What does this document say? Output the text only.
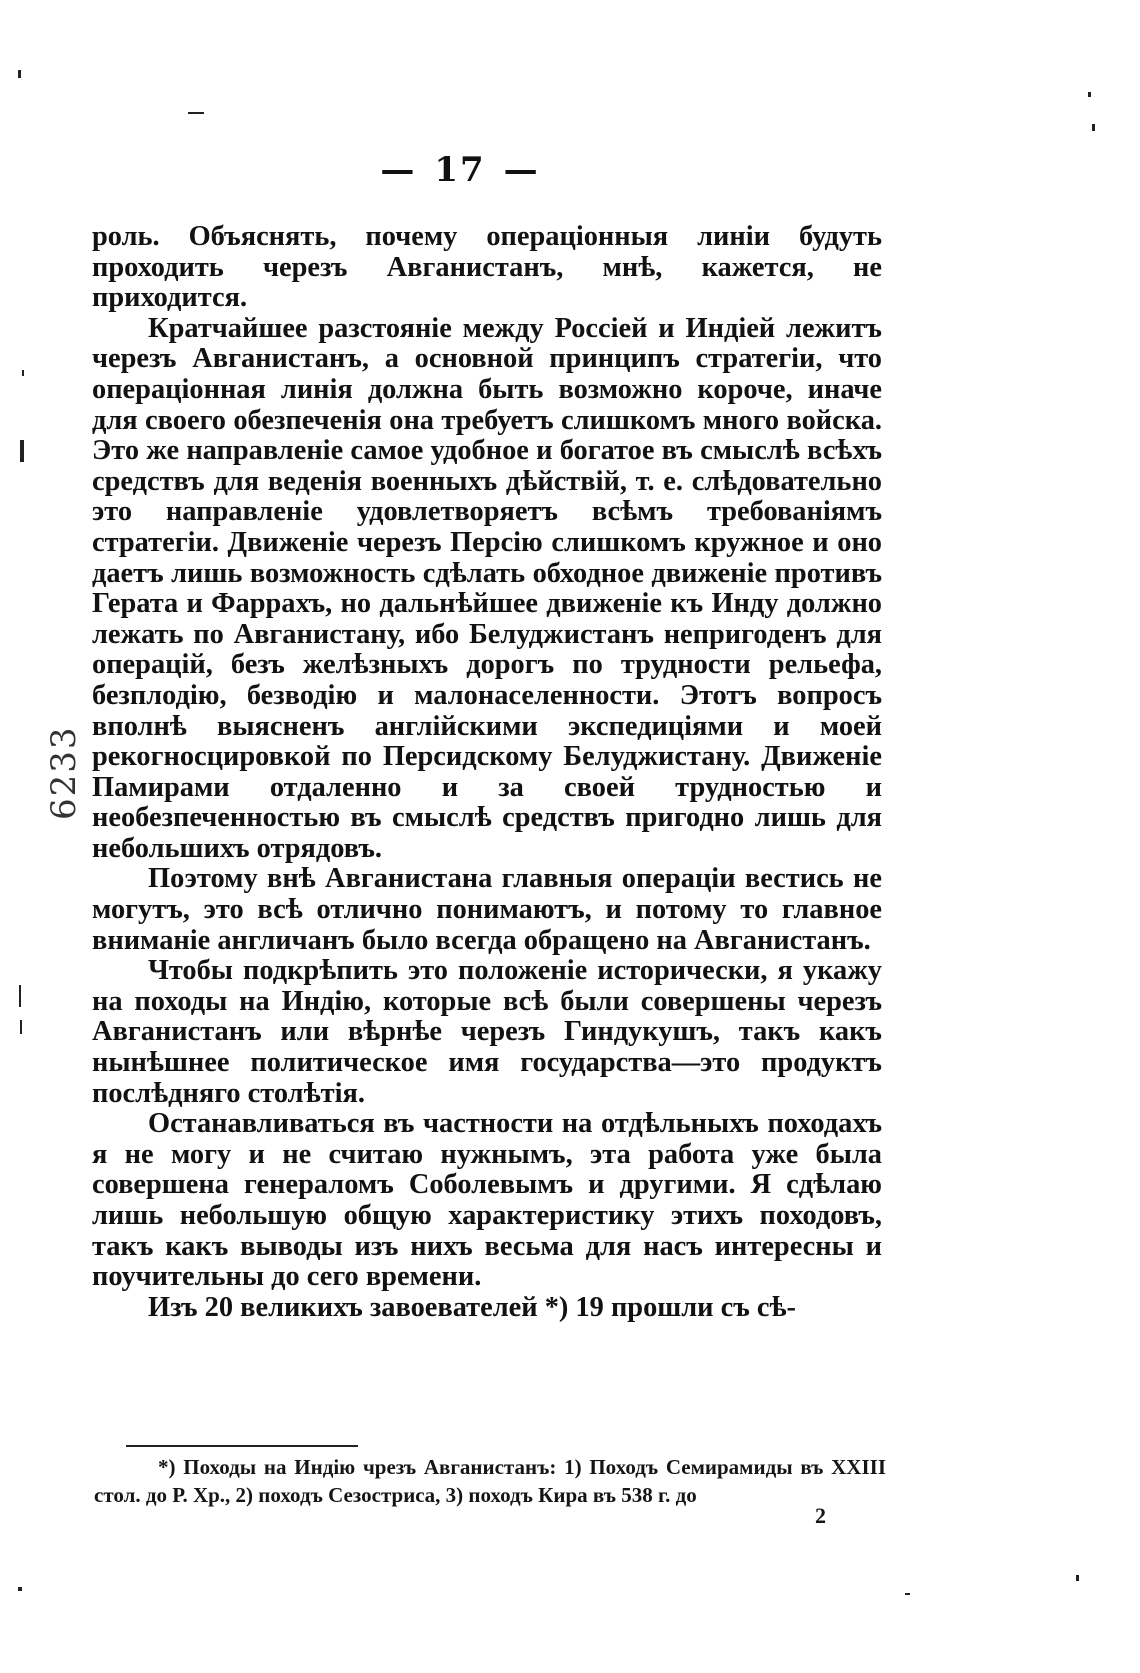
— 17 —

роль. Объяснять, почему операціонныя линіи будуть проходить черезъ Авганистанъ, мнѣ, кажется, не приходится.

Кратчайшее разстояніе между Россіей и Индіей лежитъ черезъ Авганистанъ, а основной принципъ стратегіи, что операціонная линія должна быть возможно короче, иначе для своего обезпеченія она требуетъ слишкомъ много войска. Это же направленіе самое удобное и богатое въ смыслѣ всѣхъ средствъ для веденія военныхъ дѣйствій, т. е. слѣдовательно это направленіе удовлетворяетъ всѣмъ требованіямъ стратегіи. Движеніе черезъ Персію слишкомъ кружное и оно даетъ лишь возможность сдѣлать обходное движеніе противъ Герата и Фаррахъ, но дальнѣйшее движеніе къ Инду должно лежать по Авганистану, ибо Белуджистанъ непригоденъ для операцій, безъ желѣзныхъ дорогъ по трудности рельефа, безплодію, безводію и малонаселенности. Этотъ вопросъ вполнѣ выясненъ англійскими экспедиціями и моей рекогносцировкой по Персидскому Белуджистану. Движеніе Памирами отдаленно и за своей трудностью и необезпеченностью въ смыслѣ средствъ пригодно лишь для небольшихъ отрядовъ.

Поэтому внѣ Авганистана главныя операціи вестись не могутъ, это всѣ отлично понимаютъ, и потому то главное вниманіе англичанъ было всегда обращено на Авганистанъ.

Чтобы подкрѣпить это положеніе исторически, я укажу на походы на Индію, которые всѣ были совершены черезъ Авганистанъ или вѣрнѣе черезъ Гиндукушъ, такъ какъ нынѣшнее политическое имя государства—это продуктъ послѣдняго столѣтія.

Останавливаться въ частности на отдѣльныхъ походахъ я не могу и не считаю нужнымъ, эта работа уже была совершена генераломъ Соболевымъ и другими. Я сдѣлаю лишь небольшую общую характеристику этихъ походовъ, такъ какъ выводы изъ нихъ весьма для насъ интересны и поучительны до сего времени.

Изъ 20 великихъ завоевателей *) 19 прошли съ сѣ-

*) Походы на Индію чрезъ Авганистанъ: 1) Походъ Семирамиды въ XXIII стол. до Р. Хр., 2) походъ Сезострисa, 3) походъ Кира въ 538 г. до
2
6233
